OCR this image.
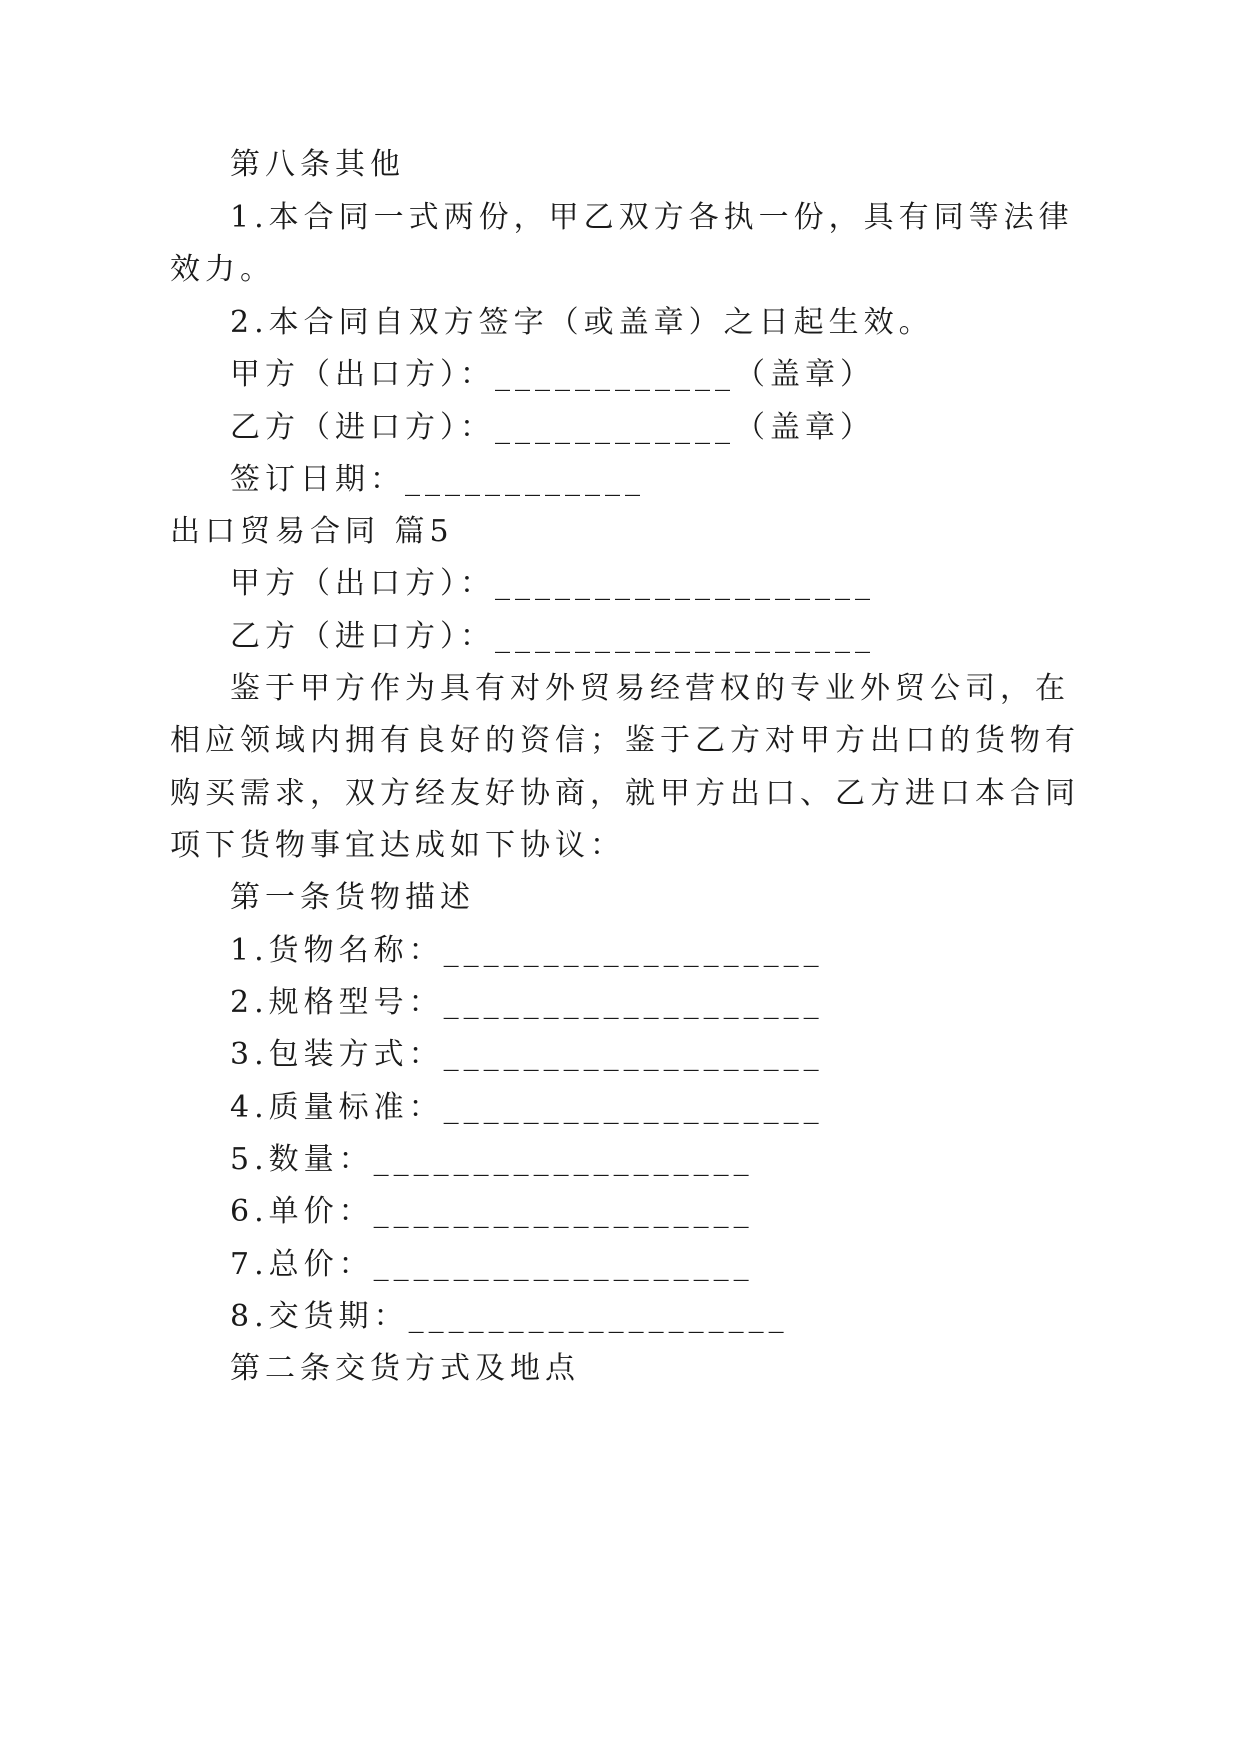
第八条其他
1.本合同一式两份，甲乙双方各执一份，具有同等法律
效力。
2.本合同自双方签字（或盖章）之日起生效。
甲方（出口方）：____________（盖章）
乙方（进口方）：____________（盖章）
签订日期：____________
出口贸易合同 篇5
甲方（出口方）：___________________
乙方（进口方）：___________________
鉴于甲方作为具有对外贸易经营权的专业外贸公司，在
相应领域内拥有良好的资信；鉴于乙方对甲方出口的货物有
购买需求，双方经友好协商，就甲方出口、乙方进口本合同
项下货物事宜达成如下协议：
第一条货物描述
1.货物名称：___________________
2.规格型号：___________________
3.包装方式：___________________
4.质量标准：___________________
5.数量：___________________
6.单价：___________________
7.总价：___________________
8.交货期：___________________
第二条交货方式及地点
